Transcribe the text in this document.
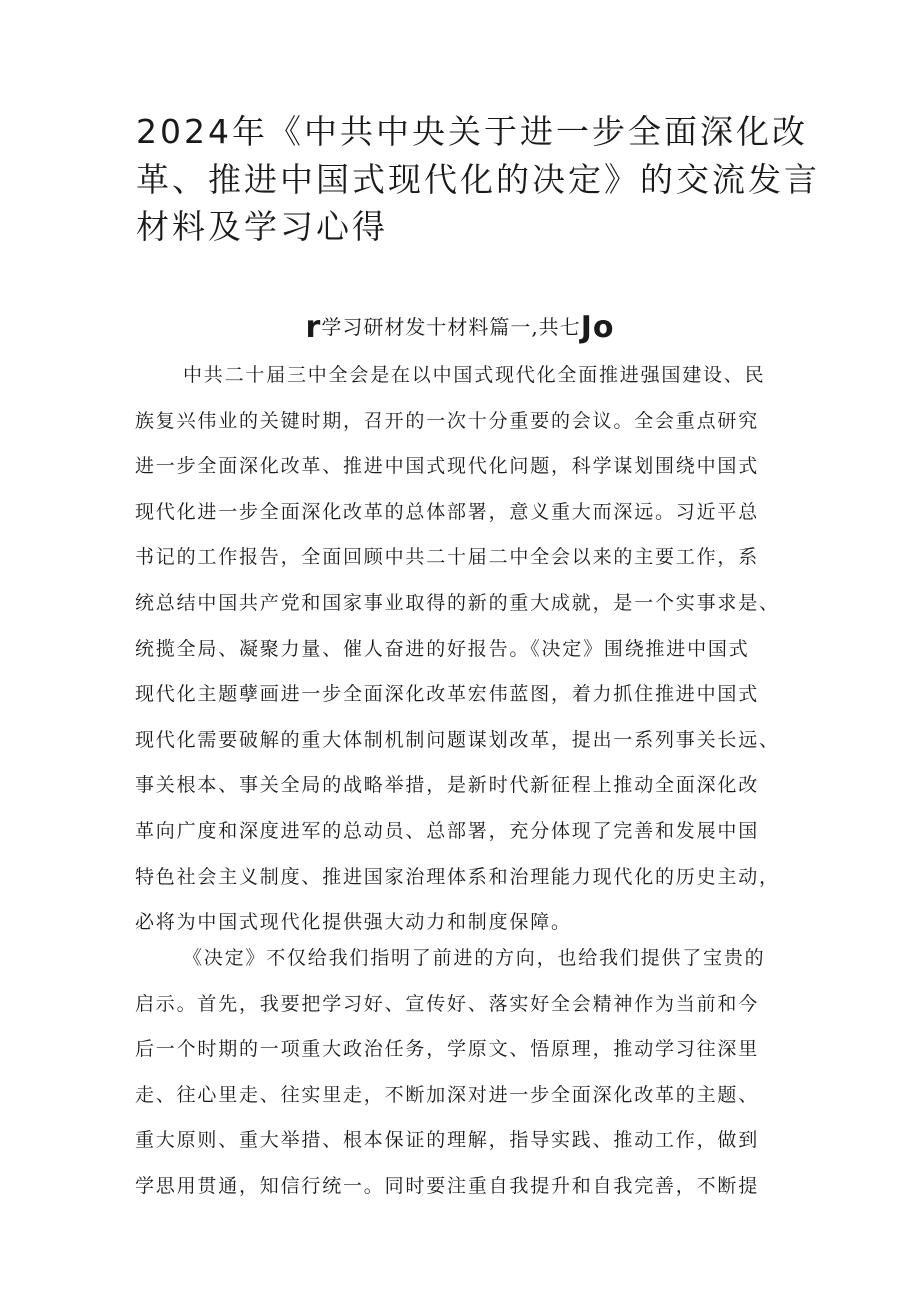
2024年《中共中央关于进一步全面深化改
革、推进中国式现代化的决定》的交流发言
材料及学习心得
r学习研材发十材料篇一,共七Jo
中共二十届三中全会是在以中国式现代化全面推进强国建设、民
族复兴伟业的关键时期，召开的一次十分重要的会议。全会重点研究
进一步全面深化改革、推进中国式现代化问题，科学谋划围绕中国式
现代化进一步全面深化改革的总体部署，意义重大而深远。习近平总
书记的工作报告，全面回顾中共二十届二中全会以来的主要工作，系
统总结中国共产党和国家事业取得的新的重大成就，是一个实事求是、
统揽全局、凝聚力量、催人奋进的好报告。《决定》围绕推进中国式
现代化主题孽画进一步全面深化改革宏伟蓝图，着力抓住推进中国式
现代化需要破解的重大体制机制问题谋划改革，提出一系列事关长远、
事关根本、事关全局的战略举措，是新时代新征程上推动全面深化改
革向广度和深度进军的总动员、总部署，充分体现了完善和发展中国
特色社会主义制度、推进国家治理体系和治理能力现代化的历史主动，
必将为中国式现代化提供强大动力和制度保障。
《决定》不仅给我们指明了前进的方向，也给我们提供了宝贵的
启示。首先，我要把学习好、宣传好、落实好全会精神作为当前和今
后一个时期的一项重大政治任务，学原文、悟原理，推动学习往深里
走、往心里走、往实里走，不断加深对进一步全面深化改革的主题、
重大原则、重大举措、根本保证的理解，指导实践、推动工作，做到
学思用贯通，知信行统一。同时要注重自我提升和自我完善，不断提
